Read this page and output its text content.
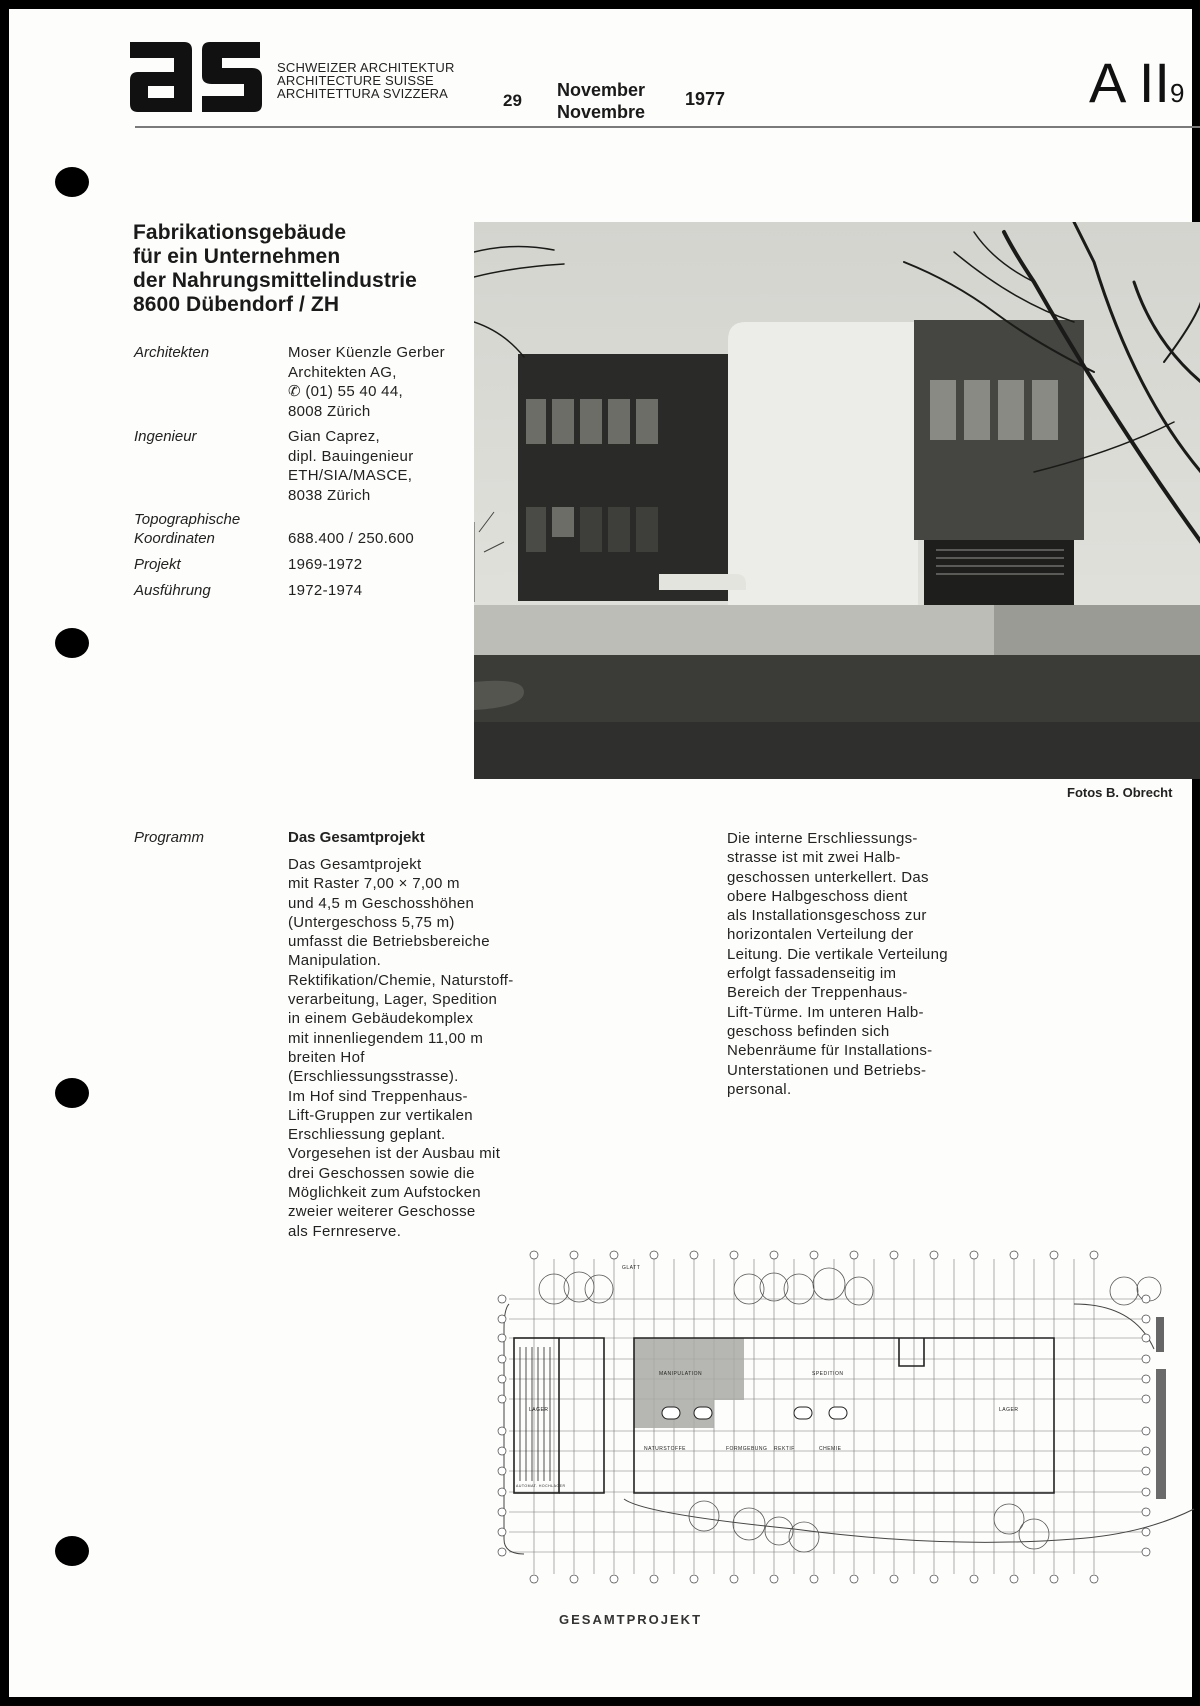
SCHWEIZER ARCHITEKTUR
ARCHITECTURE SUISSE
ARCHITETTURA SVIZZERA	29
November
Novembre
1977	A II9
Fabrikationsgebäude
für ein Unternehmen
der Nahrungsmittelindustrie
8600 Dübendorf / ZH
Architekten	Moser Küenzle Gerber
Architekten AG,
✆ (01) 55 40 44,
8008 Zürich
Ingenieur	Gian Caprez,
dipl. Bauingenieur
ETH/SIA/MASCE,
8038 Zürich
Topographische
Koordinaten	688.400 / 250.600
Projekt	1969-1972
Ausführung	1972-1974
Fotos B. Obrecht
Programm	Das Gesamtprojekt
Das Gesamtprojekt
mit Raster 7,00 × 7,00 m
und 4,5 m Geschosshöhen
(Untergeschoss 5,75 m)
umfasst die Betriebsbereiche
Manipulation.
Rektifikation/Chemie, Naturstoff-
verarbeitung, Lager, Spedition
in einem Gebäudekomplex
mit innenliegendem 11,00 m
breiten Hof
(Erschliessungsstrasse).
Im Hof sind Treppenhaus-
Lift-Gruppen zur vertikalen
Erschliessung geplant.
Vorgesehen ist der Ausbau mit
drei Geschossen sowie die
Möglichkeit zum Aufstocken
zweier weiterer Geschosse
als Fernreserve.
Die interne Erschliessungs-
strasse ist mit zwei Halb-
geschossen unterkellert. Das
obere Halbgeschoss dient
als Installationsgeschoss zur
horizontalen Verteilung der
Leitung. Die vertikale Verteilung
erfolgt fassadenseitig im
Bereich der Treppenhaus-
Lift-Türme. Im unteren Halb-
geschoss befinden sich
Nebenräume für Installations-
Unterstationen und Betriebs-
personal.
LAGER
MANIPULATION	SPEDITION
NATURSTOFFE	FORMGEBUNG REKTIF	CHEMIE
LAGER
GLATT
AUTOMAT. HOCHLAGER
GESAMTPROJEKT
